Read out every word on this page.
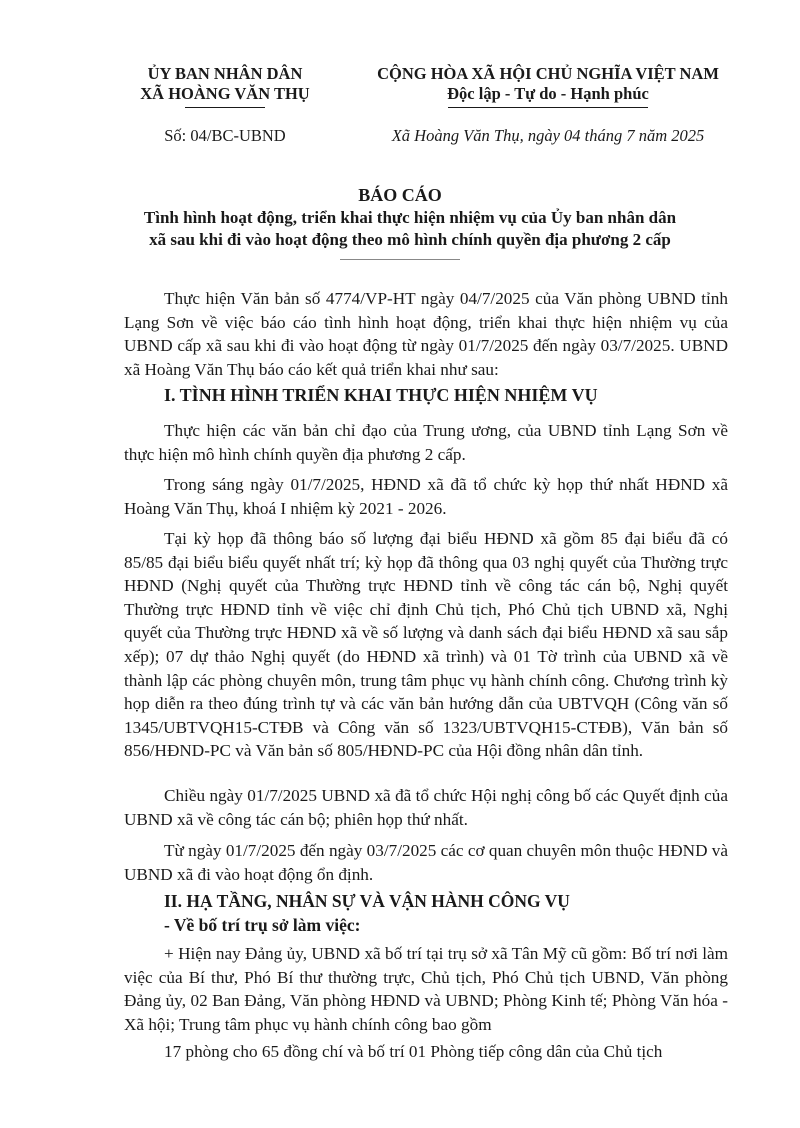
ỦY BAN NHÂN DÂN
XÃ HOÀNG VĂN THỤ
CỘNG HÒA XÃ HỘI CHỦ NGHĨA VIỆT NAM
Độc lập - Tự do - Hạnh phúc
Số: 04/BC-UBND	Xã Hoàng Văn Thụ, ngày 04 tháng 7 năm 2025
BÁO CÁO
Tình hình hoạt động, triển khai thực hiện nhiệm vụ của Ủy ban nhân dân
xã sau khi đi vào hoạt động theo mô hình chính quyền địa phương 2 cấp
Thực hiện Văn bản số 4774/VP-HT ngày 04/7/2025 của Văn phòng UBND tỉnh Lạng Sơn về việc báo cáo tình hình hoạt động, triển khai thực hiện nhiệm vụ của UBND cấp xã sau khi đi vào hoạt động từ ngày 01/7/2025 đến ngày 03/7/2025. UBND xã Hoàng Văn Thụ báo cáo kết quả triển khai như sau:
I. TÌNH HÌNH TRIỂN KHAI THỰC HIỆN NHIỆM VỤ
Thực hiện các văn bản chỉ đạo của Trung ương, của UBND tỉnh Lạng Sơn về thực hiện mô hình chính quyền địa phương 2 cấp.
Trong sáng ngày 01/7/2025, HĐND xã đã tổ chức kỳ họp thứ nhất HĐND xã Hoàng Văn Thụ, khoá I nhiệm kỳ 2021 - 2026.
Tại kỳ họp đã thông báo số lượng đại biểu HĐND xã gồm 85 đại biểu đã có 85/85 đại biểu biểu quyết nhất trí; kỳ họp đã thông qua 03 nghị quyết của Thường trực HĐND (Nghị quyết của Thường trực HĐND tỉnh về công tác cán bộ, Nghị quyết Thường trực HĐND tỉnh về việc chỉ định Chủ tịch, Phó Chủ tịch UBND xã, Nghị quyết của Thường trực HĐND xã về số lượng và danh sách đại biểu HĐND xã sau sắp xếp); 07 dự thảo Nghị quyết (do HĐND xã trình) và 01 Tờ trình của UBND xã về thành lập các phòng chuyên môn, trung tâm phục vụ hành chính công. Chương trình kỳ họp diễn ra theo đúng trình tự và các văn bản hướng dẫn của UBTVQH (Công văn số 1345/UBTVQH15-CTĐB và Công văn số 1323/UBTVQH15-CTĐB), Văn bản số 856/HĐND-PC và Văn bản số 805/HĐND-PC của Hội đồng nhân dân tỉnh.
Chiều ngày 01/7/2025 UBND xã đã tổ chức Hội nghị công bố các Quyết định của UBND xã về công tác cán bộ; phiên họp thứ nhất.
Từ ngày 01/7/2025 đến ngày 03/7/2025 các cơ quan chuyên môn thuộc HĐND và UBND xã đi vào hoạt động ổn định.
II. HẠ TẦNG, NHÂN SỰ VÀ VẬN HÀNH CÔNG VỤ
- Về bố trí trụ sở làm việc:
+ Hiện nay Đảng ủy, UBND xã bố trí tại trụ sở xã Tân Mỹ cũ gồm: Bố trí nơi làm việc của Bí thư, Phó Bí thư thường trực, Chủ tịch, Phó Chủ tịch UBND, Văn phòng Đảng ủy, 02 Ban Đảng, Văn phòng HĐND và UBND; Phòng Kinh tế; Phòng Văn hóa - Xã hội; Trung tâm phục vụ hành chính công bao gồm
17 phòng cho 65 đồng chí và bố trí 01 Phòng tiếp công dân của Chủ tịch
